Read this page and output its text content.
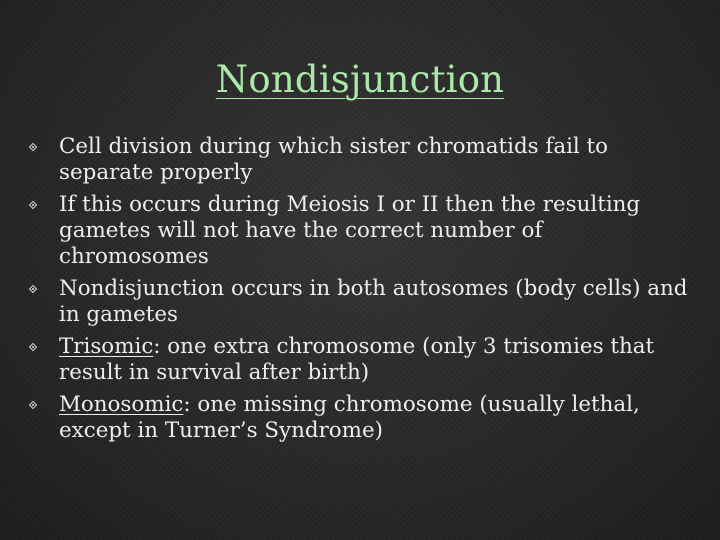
Nondisjunction
Cell division during which sister chromatids fail to separate properly
If this occurs during Meiosis I or II then the resulting gametes will not have the correct number of chromosomes
Nondisjunction occurs in both autosomes (body cells) and in gametes
Trisomic: one extra chromosome (only 3 trisomies that result in survival after birth)
Monosomic: one missing chromosome (usually lethal, except in Turner’s Syndrome)
